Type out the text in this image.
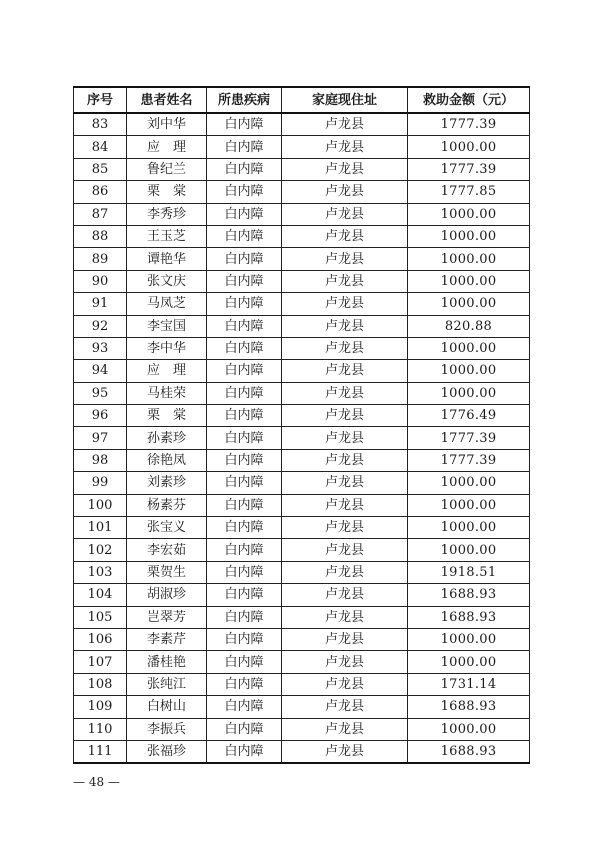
序号	患者姓名	所患疾病	家庭现住址	救助金额（元）
83	刘中华	白内障	卢龙县	1777.39
84	应　理	白内障	卢龙县	1000.00
85	鲁纪兰	白内障	卢龙县	1777.39
86	栗　棠	白内障	卢龙县	1777.85
87	李秀珍	白内障	卢龙县	1000.00
88	王玉芝	白内障	卢龙县	1000.00
89	谭艳华	白内障	卢龙县	1000.00
90	张文庆	白内障	卢龙县	1000.00
91	马凤芝	白内障	卢龙县	1000.00
92	李宝国	白内障	卢龙县	820.88
93	李中华	白内障	卢龙县	1000.00
94	应　理	白内障	卢龙县	1000.00
95	马桂荣	白内障	卢龙县	1000.00
96	栗　棠	白内障	卢龙县	1776.49
97	孙素珍	白内障	卢龙县	1777.39
98	徐艳凤	白内障	卢龙县	1777.39
99	刘素珍	白内障	卢龙县	1000.00
100	杨素芬	白内障	卢龙县	1000.00
101	张宝义	白内障	卢龙县	1000.00
102	李宏茹	白内障	卢龙县	1000.00
103	栗贺生	白内障	卢龙县	1918.51
104	胡淑珍	白内障	卢龙县	1688.93
105	岂翠芳	白内障	卢龙县	1688.93
106	李素芹	白内障	卢龙县	1000.00
107	潘桂艳	白内障	卢龙县	1000.00
108	张纯江	白内障	卢龙县	1731.14
109	白树山	白内障	卢龙县	1688.93
110	李振兵	白内障	卢龙县	1000.00
111	张福珍	白内障	卢龙县	1688.93
— 48 —
